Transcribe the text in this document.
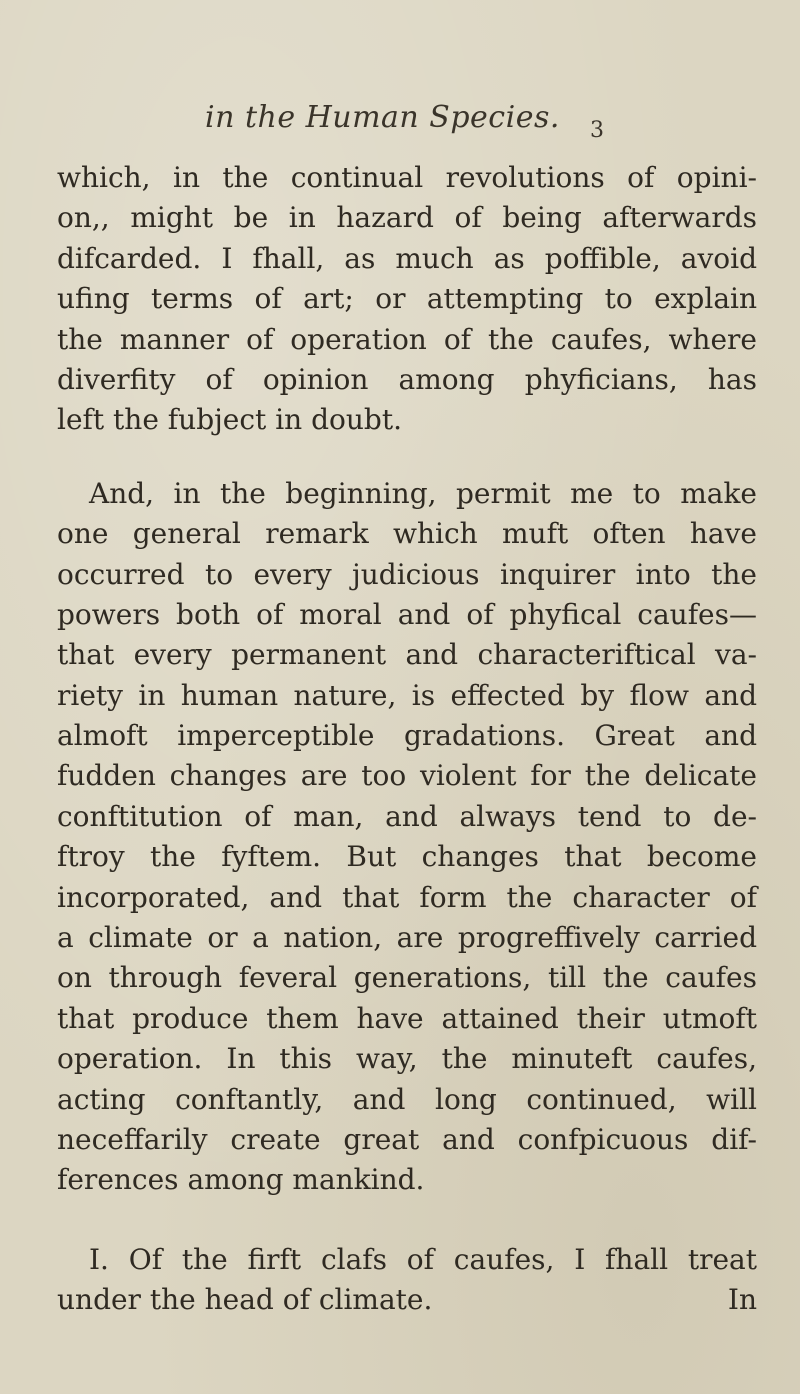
in the Human Species. 3
which, in the continual revolutions of opini-
on,, might be in hazard of being afterwards
difcarded. I fhall, as much as poffible, avoid
ufing terms of art; or attempting to explain
the manner of operation of the caufes, where
diverfity of opinion among phyficians, has
left the fubject in doubt.
And, in the beginning, permit me to make
one general remark which muft often have
occurred to every judicious inquirer into the
powers both of moral and of phyfical caufes—
that every permanent and characteriftical va-
riety in human nature, is effected by flow and
almoft imperceptible gradations. Great and
fudden changes are too violent for the delicate
conftitution of man, and always tend to de-
ftroy the fyftem. But changes that become
incorporated, and that form the character of
a climate or a nation, are progreffively carried
on through feveral generations, till the caufes
that produce them have attained their utmoft
operation. In this way, the minuteft caufes,
acting conftantly, and long continued, will
neceffarily create great and confpicuous dif-
ferences among mankind.
I. Of the firft clafs of caufes, I fhall treat
under the head of climate.	In
